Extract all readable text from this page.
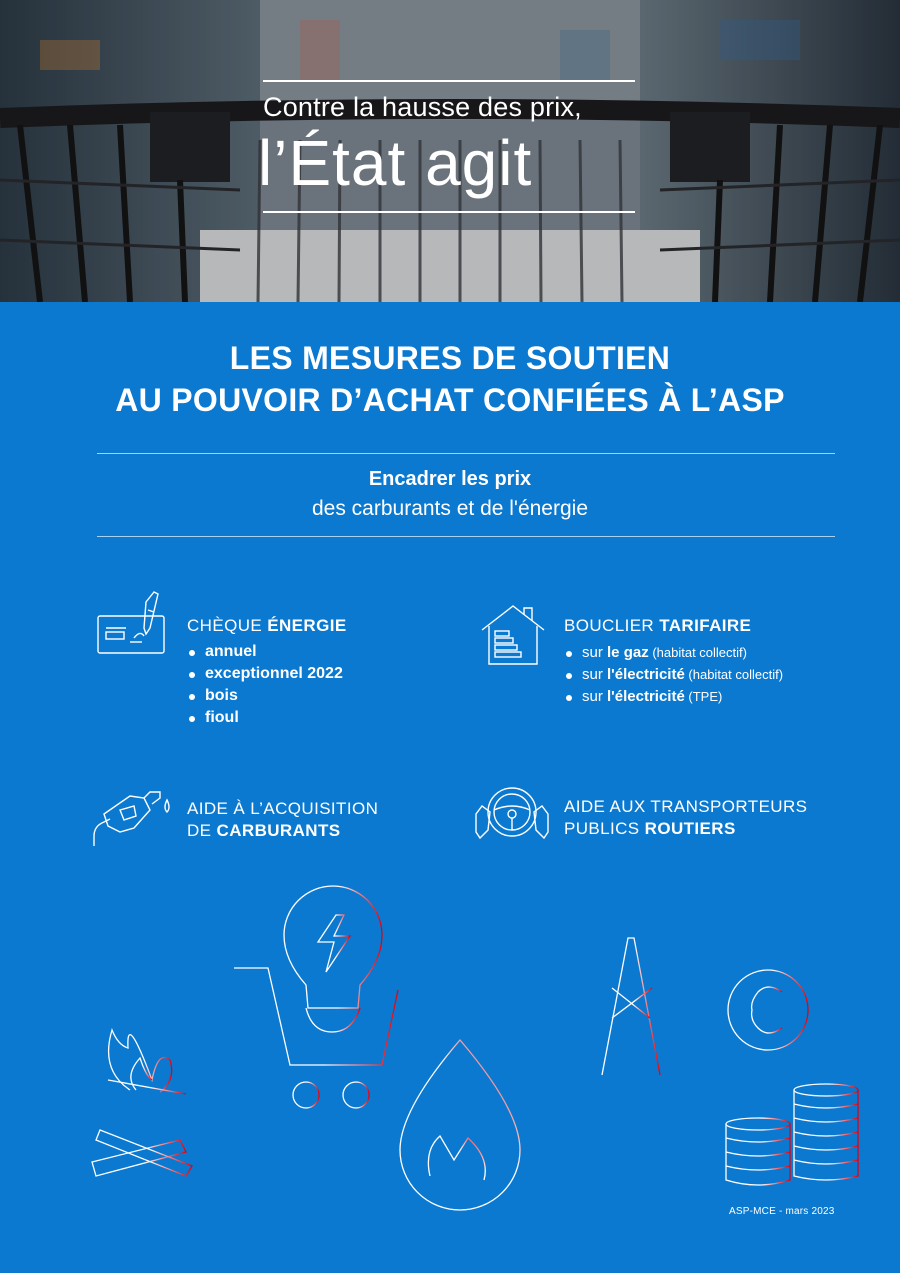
Contre la hausse des prix,
l’État agit
LES MESURES DE SOUTIEN
AU POUVOIR D’ACHAT CONFIÉES À L’ASP
Encadrer les prix
des carburants et de l'énergie
CHÈQUE ÉNERGIE
annuel
exceptionnel 2022
bois
fioul
BOUCLIER TARIFAIRE
sur le gaz (habitat collectif)
sur l'électricité (habitat collectif)
sur l'électricité (TPE)
AIDE À L’ACQUISITION
DE CARBURANTS
AIDE AUX TRANSPORTEURS
PUBLICS ROUTIERS
ASP-MCE - mars 2023
